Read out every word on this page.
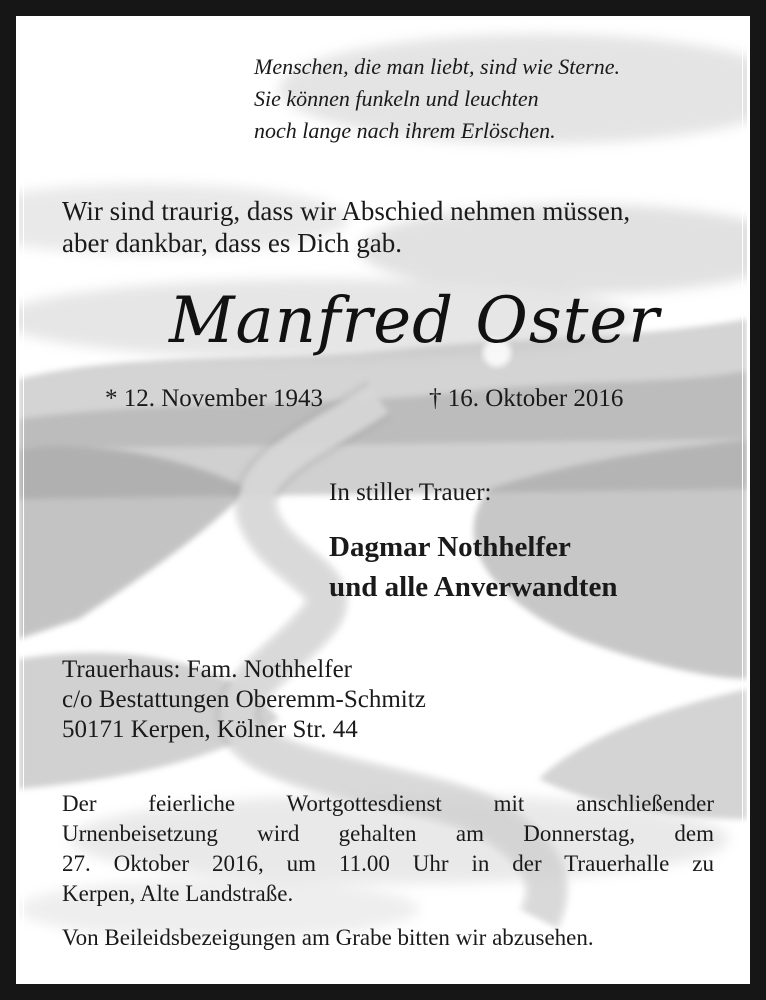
Menschen, die man liebt, sind wie Sterne.
Sie können funkeln und leuchten
noch lange nach ihrem Erlöschen.
Wir sind traurig, dass wir Abschied nehmen müssen,
aber dankbar, dass es Dich gab.
Manfred Oster
* 12. November 1943	† 16. Oktober 2016
In stiller Trauer:
Dagmar Nothhelfer
und alle Anverwandten
Trauerhaus: Fam. Nothhelfer
c/o Bestattungen Oberemm-Schmitz
50171 Kerpen, Kölner Str. 44
Der feierliche Wortgottesdienst mit anschließender
Urnenbeisetzung wird gehalten am Donnerstag, dem
27. Oktober 2016, um 11.00 Uhr in der Trauerhalle zu
Kerpen, Alte Landstraße.
Von Beileidsbezeigungen am Grabe bitten wir abzusehen.
